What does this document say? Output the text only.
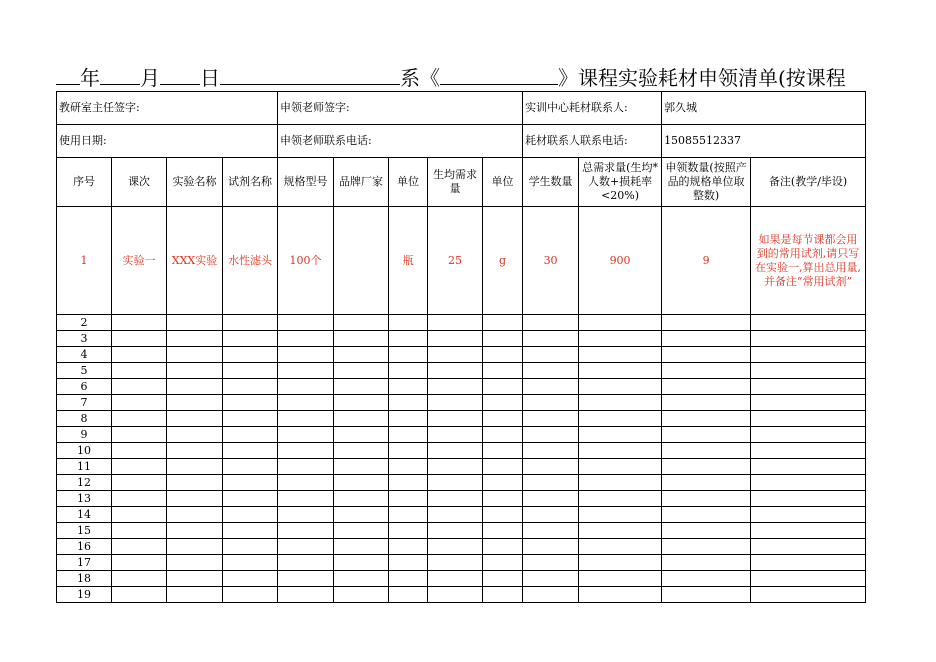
年 月 日	系《	》课程实验耗材申领清单(按课程
教研室主任签字:				申领老师签字:					实训中心耗材联系人:		郭久城	
使用日期:				申领老师联系电话:					耗材联系人联系电话:		15085512337	
序号	课次	实验名称	试剂名称	规格型号	品牌厂家	单位	生均需求量	单位	学生数量	总需求量(生均*人数+损耗率<20%)	申领数量(按照产品的规格单位取整数)	备注(教学/毕设)
1	实验一	XXX实验	水性滤头	100个		瓶	25	g	30	900	9	如果是每节课都会用到的常用试剂,请只写在实验一,算出总用量,并备注“常用试剂”
2												
3												
4												
5												
6												
7												
8												
9												
10												
11												
12												
13												
14												
15												
16												
17												
18												
19												
